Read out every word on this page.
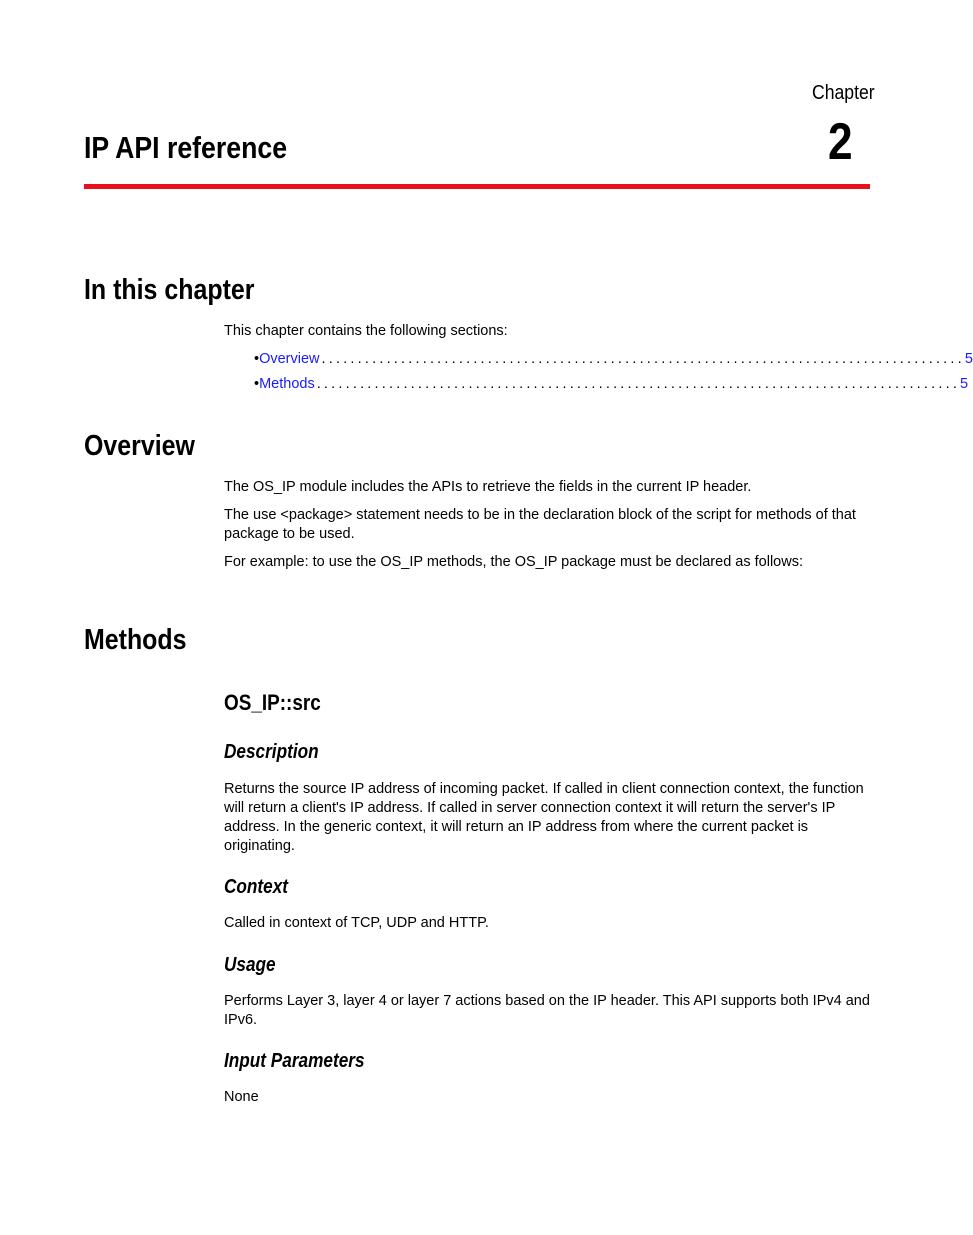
Chapter
2
IP API reference
In this chapter

This chapter contains the following sections:

• Overview ......................................................................................... 5
• Methods ......................................................................................... 5
Overview

The OS_IP module includes the APIs to retrieve the fields in the current IP header.

The use <package> statement needs to be in the declaration block of the script for methods of that package to be used.

For example: to use the OS_IP methods, the OS_IP package must be declared as follows:

Methods
OS_IP::src
Description

Returns the source IP address of incoming packet. If called in client connection context, the function will return a client's IP address. If called in server connection context it will return the server's IP address. In the generic context, it will return an IP address from where the current packet is originating.

Context

Called in context of TCP, UDP and HTTP.

Usage

Performs Layer 3, layer 4 or layer 7 actions based on the IP header. This API supports both IPv4 and IPv6.

Input Parameters

None
